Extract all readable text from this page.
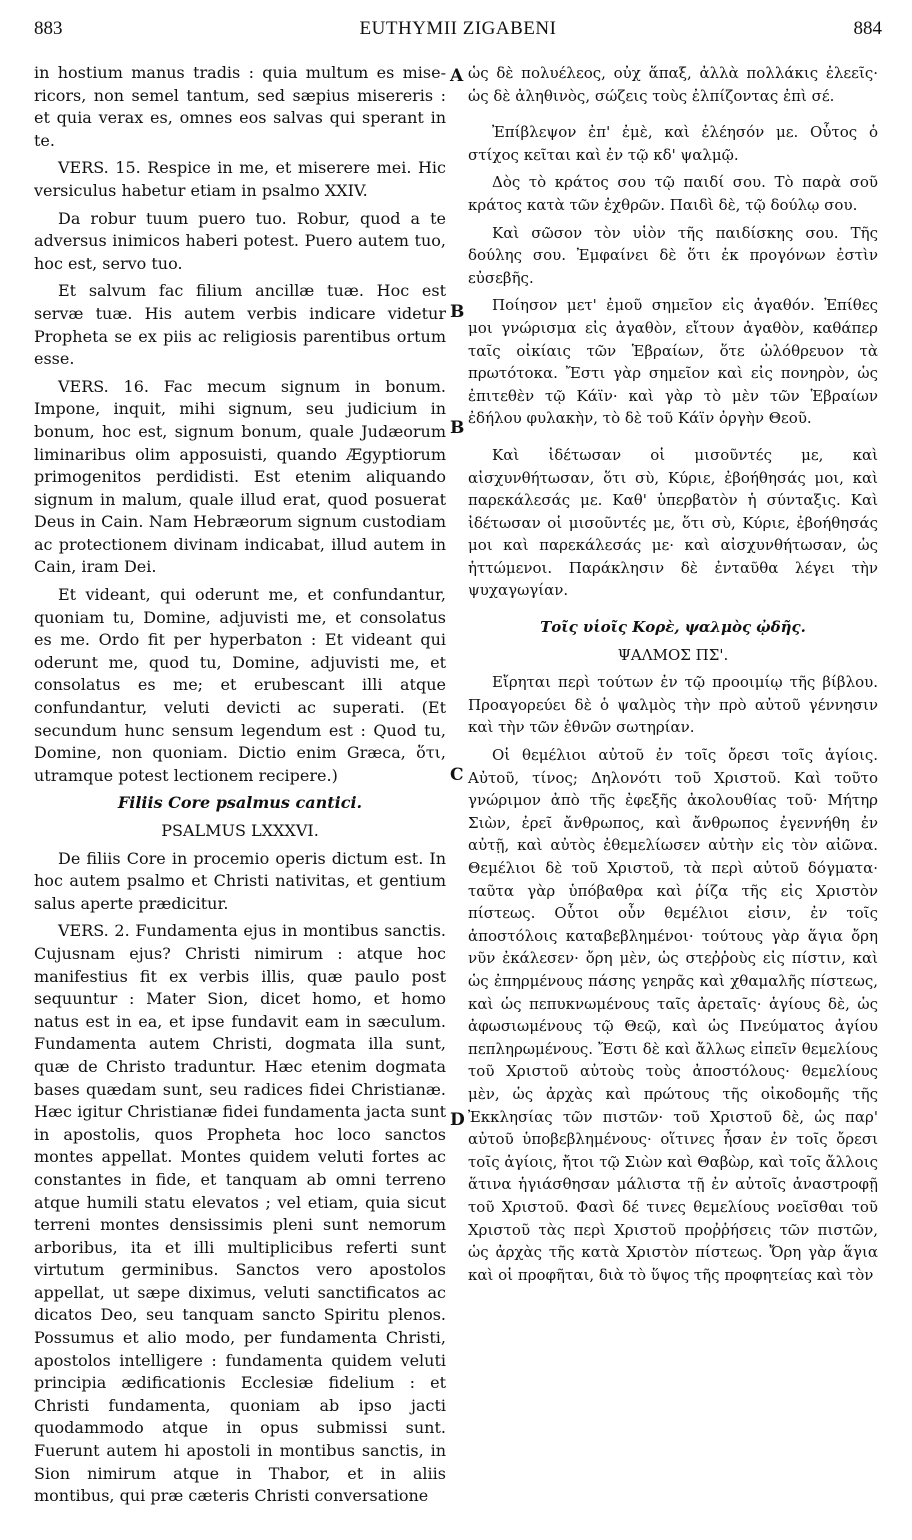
883	EUTHYMII ZIGABENI	884
A
B
B
C
D

in hostium manus tradis : quia multum es mise-ricors, non semel tantum, sed sæpius misereris : et quia verax es, omnes eos salvas qui sperant in te.

VERS. 15. Respice in me, et miserere mei. Hic versiculus habetur etiam in psalmo XXIV.

Da robur tuum puero tuo. Robur, quod a te adversus inimicos haberi potest. Puero autem tuo, hoc est, servo tuo.

Et salvum fac filium ancillæ tuæ. Hoc est servæ tuæ. His autem verbis indicare videtur Propheta se ex piis ac religiosis parentibus ortum esse.

VERS. 16. Fac mecum signum in bonum. Impone, inquit, mihi signum, seu judicium in bonum, hoc est, signum bonum, quale Judæorum liminaribus olim apposuisti, quando Ægyptiorum primogenitos perdidisti. Est etenim aliquando signum in malum, quale illud erat, quod posuerat Deus in Cain. Nam Hebræorum signum custodiam ac protectionem divinam indicabat, illud autem in Cain, iram Dei.

Et videant, qui oderunt me, et confundantur, quoniam tu, Domine, adjuvisti me, et consolatus es me. Ordo fit per hyperbaton : Et videant qui oderunt me, quod tu, Domine, adjuvisti me, et consolatus es me; et erubescant illi atque confundantur, veluti devicti ac superati. (Et secundum hunc sensum legendum est : Quod tu, Domine, non quoniam. Dictio enim Græca, ὅτι, utramque potest lectionem recipere.)

Filiis Core psalmus cantici.

PSALMUS LXXXVI.

De filiis Core in procemio operis dictum est. In hoc autem psalmo et Christi nativitas, et gentium salus aperte prædicitur.

VERS. 2. Fundamenta ejus in montibus sanctis. Cujusnam ejus? Christi nimirum : atque hoc manifestius fit ex verbis illis, quæ paulo post sequuntur : Mater Sion, dicet homo, et homo natus est in ea, et ipse fundavit eam in sæculum. Fundamenta autem Christi, dogmata illa sunt, quæ de Christo traduntur. Hæc etenim dogmata bases quædam sunt, seu radices fidei Christianæ. Hæc igitur Christianæ fidei fundamenta jacta sunt in apostolis, quos Propheta hoc loco sanctos montes appellat. Montes quidem veluti fortes ac constantes in fide, et tanquam ab omni terreno atque humili statu elevatos ; vel etiam, quia sicut terreni montes densissimis pleni sunt nemorum arboribus, ita et illi multiplicibus referti sunt virtutum germinibus. Sanctos vero apostolos appellat, ut sæpe diximus, veluti sanctificatos ac dicatos Deo, seu tanquam sancto Spiritu plenos. Possumus et alio modo, per fundamenta Christi, apostolos intelligere : fundamenta quidem veluti principia ædificationis Ecclesiæ fidelium : et Christi fundamenta, quoniam ab ipso jacti quodammodo atque in opus submissi sunt. Fuerunt autem hi apostoli in montibus sanctis, in Sion nimirum atque in Thabor, et in aliis montibus, qui præ cæteris Christi conversatione

ὡς δὲ πολυέλεος, οὐχ ἅπαξ, ἀλλὰ πολλάκις ἐλεεῖς· ὡς δὲ ἀληθινὸς, σώζεις τοὺς ἐλπίζοντας ἐπὶ σέ.

Ἐπίβλεψον ἐπ' ἐμὲ, καὶ ἐλέησόν με. Οὗτος ὁ στίχος κεῖται καὶ ἐν τῷ κδ' ψαλμῷ.

Δὸς τὸ κράτος σου τῷ παιδί σου. Τὸ παρὰ σοῦ κράτος κατὰ τῶν ἐχθρῶν. Παιδὶ δὲ, τῷ δούλῳ σου.

Καὶ σῶσον τὸν υἱὸν τῆς παιδίσκης σου. Τῆς δούλης σου. Ἐμφαίνει δὲ ὅτι ἐκ προγόνων ἐστὶν εὐσεβῆς.

Ποίησον μετ' ἐμοῦ σημεῖον εἰς ἀγαθόν. Ἐπίθες μοι γνώρισμα εἰς ἀγαθὸν, εἴτουν ἀγαθὸν, καθάπερ ταῖς οἰκίαις τῶν Ἑβραίων, ὅτε ὠλόθρευον τὰ πρωτότοκα. Ἔστι γὰρ σημεῖον καὶ εἰς πονηρὸν, ὡς ἐπιτεθὲν τῷ Κάϊν· καὶ γὰρ τὸ μὲν τῶν Ἑβραίων ἐδήλου φυλακὴν, τὸ δὲ τοῦ Κάϊν ὀργὴν Θεοῦ.

Καὶ ἰδέτωσαν οἱ μισοῦντές με, καὶ αἰσχυνθήτωσαν, ὅτι σὺ, Κύριε, ἐβοήθησάς μοι, καὶ παρεκάλεσάς με. Καθ' ὑπερβατὸν ἡ σύνταξις. Καὶ ἰδέτωσαν οἱ μισοῦντές με, ὅτι σὺ, Κύριε, ἐβοήθησάς μοι καὶ παρεκάλεσάς με· καὶ αἰσχυνθήτωσαν, ὡς ἡττώμενοι. Παράκλησιν δὲ ἐνταῦθα λέγει τὴν ψυχαγωγίαν.

Τοῖς υἱοῖς Κορὲ, ψαλμὸς ᾠδῆς.

ΨΑΛΜΟΣ ΠΣ'.

Εἴρηται περὶ τούτων ἐν τῷ προοιμίῳ τῆς βίβλου. Προαγορεύει δὲ ὁ ψαλμὸς τὴν πρὸ αὐτοῦ γέννησιν καὶ τὴν τῶν ἐθνῶν σωτηρίαν.

Οἱ θεμέλιοι αὐτοῦ ἐν τοῖς ὄρεσι τοῖς ἁγίοις. Αὐτοῦ, τίνος; Δηλονότι τοῦ Χριστοῦ. Καὶ τοῦτο γνώριμον ἀπὸ τῆς ἐφεξῆς ἀκολουθίας τοῦ· Μήτηρ Σιὼν, ἐρεῖ ἄνθρωπος, καὶ ἄνθρωπος ἐγεννήθη ἐν αὐτῇ, καὶ αὐτὸς ἐθεμελίωσεν αὐτὴν εἰς τὸν αἰῶνα. Θεμέλιοι δὲ τοῦ Χριστοῦ, τὰ περὶ αὐτοῦ δόγματα· ταῦτα γὰρ ὑπόβαθρα καὶ ῥίζα τῆς εἰς Χριστὸν πίστεως. Οὗτοι οὖν θεμέλιοι εἰσιν, ἐν τοῖς ἀποστόλοις καταβεβλημένοι· τούτους γὰρ ἅγια ὄρη νῦν ἐκάλεσεν· ὄρη μὲν, ὡς στεῤῥοὺς εἰς πίστιν, καὶ ὡς ἐπηρμένους πάσης γεηρᾶς καὶ χθαμαλῆς πίστεως, καὶ ὡς πεπυκνωμένους ταῖς ἀρεταῖς· ἁγίους δὲ, ὡς ἀφωσιωμένους τῷ Θεῷ, καὶ ὡς Πνεύματος ἁγίου πεπληρωμένους. Ἔστι δὲ καὶ ἄλλως εἰπεῖν θεμελίους τοῦ Χριστοῦ αὐτοὺς τοὺς ἀποστόλους· θεμελίους μὲν, ὡς ἀρχὰς καὶ πρώτους τῆς οἰκοδομῆς τῆς Ἐκκλησίας τῶν πιστῶν· τοῦ Χριστοῦ δὲ, ὡς παρ' αὐτοῦ ὑποβεβλημένους· οἵτινες ἦσαν ἐν τοῖς ὄρεσι τοῖς ἁγίοις, ἤτοι τῷ Σιὼν καὶ Θαβὼρ, καὶ τοῖς ἄλλοις ἅτινα ἡγιάσθησαν μάλιστα τῇ ἐν αὐτοῖς ἀναστροφῇ τοῦ Χριστοῦ. Φασὶ δέ τινες θεμελίους νοεῖσθαι τοῦ Χριστοῦ τὰς περὶ Χριστοῦ προῤῥήσεις τῶν πιστῶν, ὡς ἀρχὰς τῆς κατὰ Χριστὸν πίστεως. Ὄρη γὰρ ἅγια καὶ οἱ προφῆται, διὰ τὸ ὕψος τῆς προφητείας καὶ τὸν
